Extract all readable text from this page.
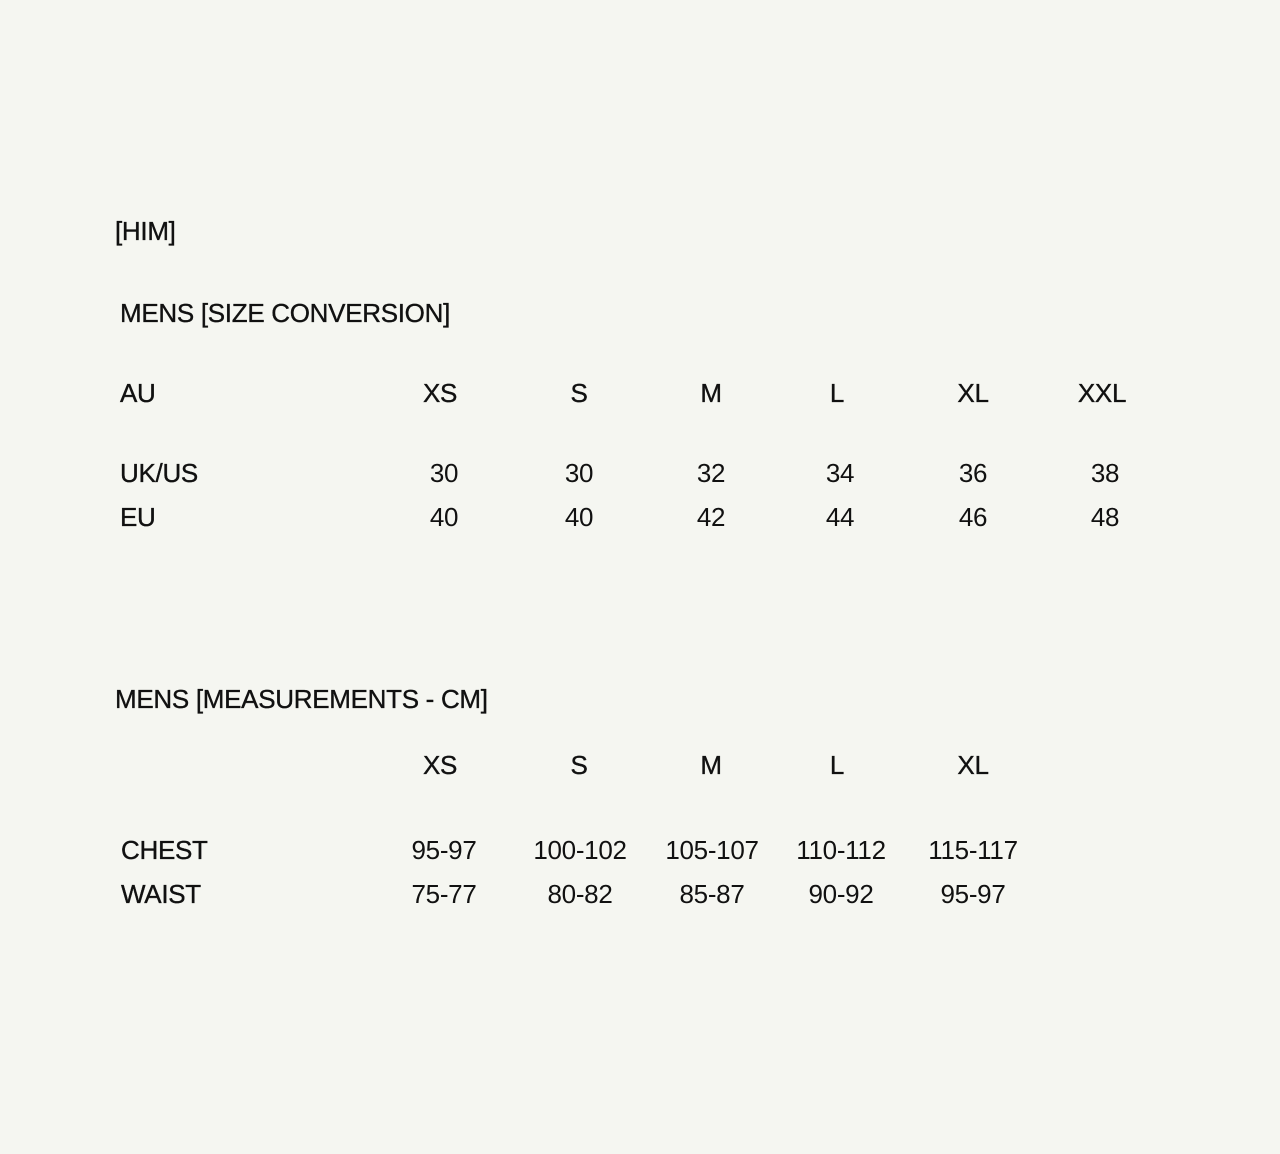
[HIM]
MENS [SIZE CONVERSION]
AU	XS	S	M	L	XL	XXL
UK/US	30	30	32	34	36	38
EU	40	40	42	44	46	48
MENS [MEASUREMENTS - CM]
XS	S	M	L	XL
CHEST	95-97 100-102 105-107 110-112 115-117
WAIST	75-77	80-82	85-87 90-92	95-97
